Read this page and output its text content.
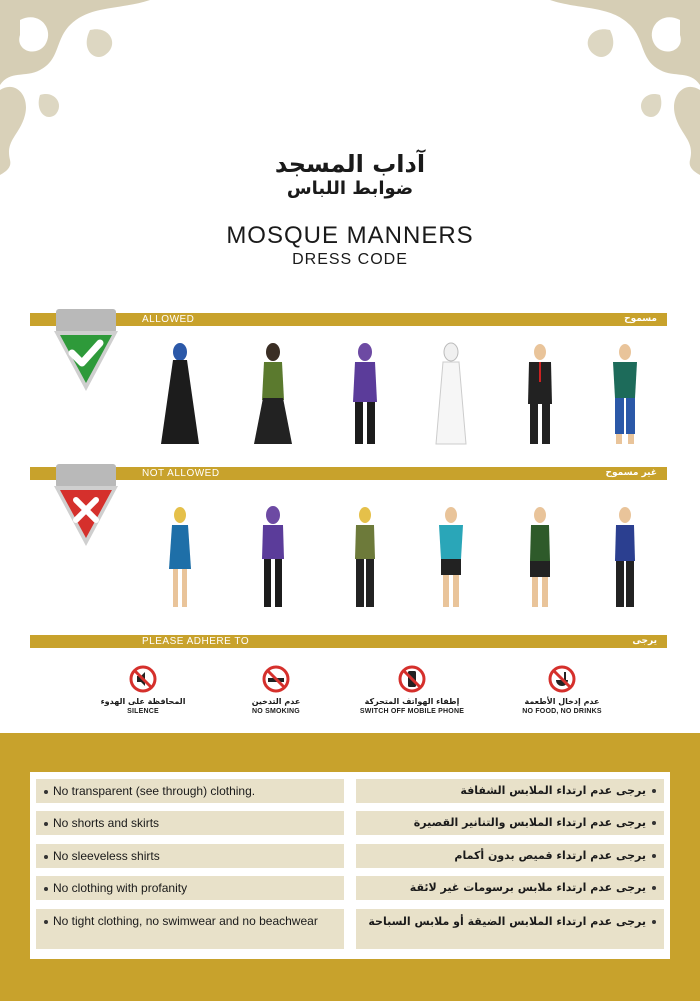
آداب المسجد
ضوابط اللباس
MOSQUE MANNERS
DRESS CODE
ALLOWED	مسموح
NOT ALLOWED	غير مسموح
PLEASE ADHERE TO	يرجى
المحافظة على الهدوء
SILENCE
عدم التدخين
NO SMOKING
إطفاء الهواتف المتحركة
SWITCH OFF MOBILE PHONE
عدم إدخال الأطعمة
NO FOOD, NO DRINKS
No transparent (see through) clothing.	يرجى عدم ارتداء الملابس الشفافة
No shorts and skirts	يرجى عدم ارتداء الملابس والتنانير القصيرة
No sleeveless shirts	يرجى عدم ارتداء قميص بدون أكمام
No clothing with profanity	يرجى عدم ارتداء ملابس برسومات غير لائقة
No tight clothing, no swimwear and no beachwear	يرجى عدم ارتداء الملابس الضيقة أو ملابس السباحة
